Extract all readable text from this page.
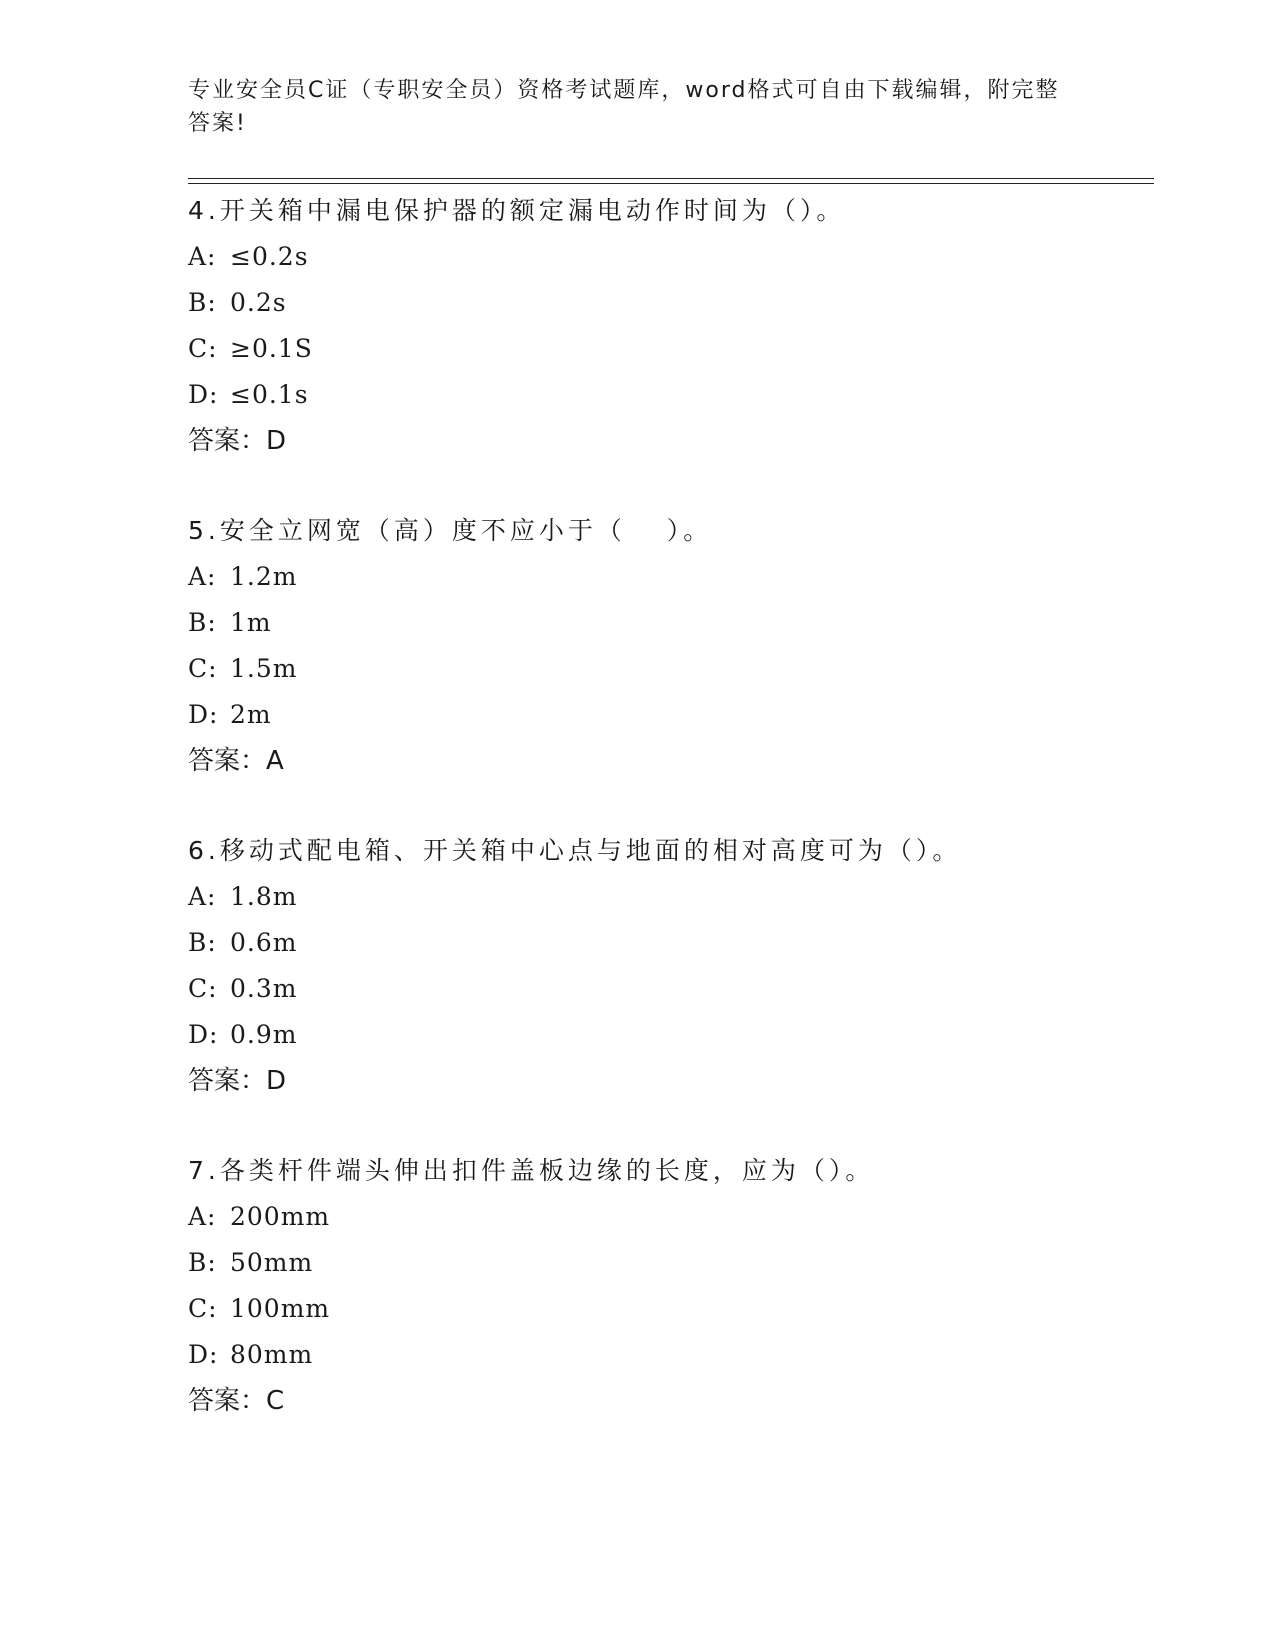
专业安全员C证（专职安全员）资格考试题库，word格式可自由下载编辑，附完整答案!
4.开关箱中漏电保护器的额定漏电动作时间为（）。
A: ≤0.2s
B: 0.2s
C: ≥0.1S
D: ≤0.1s
答案：D
5.安全立网宽（高）度不应小于（　 ）。
A: 1.2m
B: 1m
C: 1.5m
D: 2m
答案：A
6.移动式配电箱、开关箱中心点与地面的相对高度可为（）。
A: 1.8m
B: 0.6m
C: 0.3m
D: 0.9m
答案：D
7.各类杆件端头伸出扣件盖板边缘的长度，应为（）。
A: 200mm
B: 50mm
C: 100mm
D: 80mm
答案：C
